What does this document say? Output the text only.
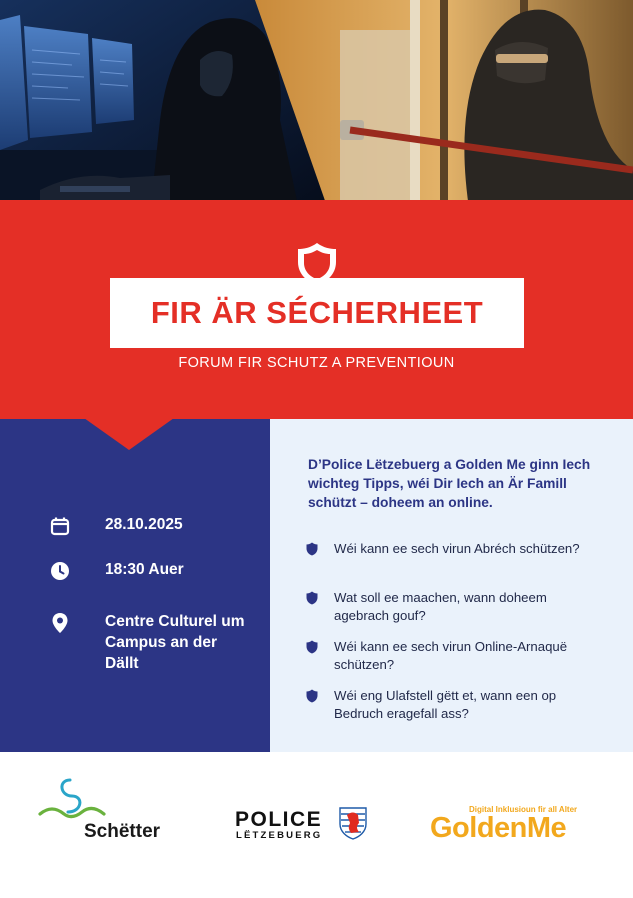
FIR ÄR SÉCHERHEET
FORUM FIR SCHUTZ A PREVENTIOUN
28.10.2025
18:30 Auer
Centre Culturel um Campus an der Dällt
D’Police Lëtzebuerg a Golden Me ginn Iech wichteg Tipps, wéi Dir Iech an Är Famill schützt – doheem an online.
Wéi kann ee sech virun Abréch schützen?
Wat soll ee maachen, wann doheem agebrach gouf?
Wéi kann ee sech virun Online-Arnaquë schützen?
Wéi eng Ulafstell gëtt et, wann een op Bedruch eragefall ass?
Schëtter
POLICE
LËTZEBUERG
Digital Inklusioun fir all Alter
GoldenMe
